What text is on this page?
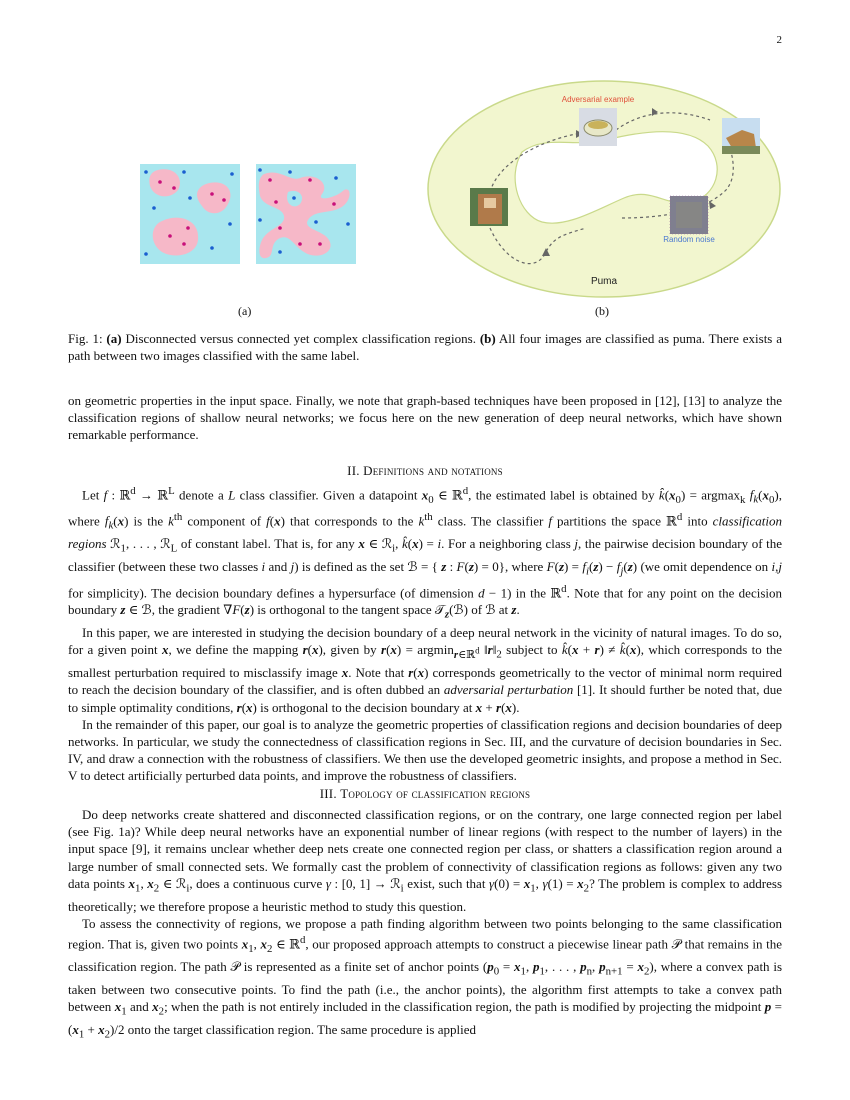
2
Adversarial example
Random noise
Puma
(a)	(b)
Fig. 1: (a) Disconnected versus connected yet complex classification regions. (b) All four images are classified as puma. There exists a path between two images classified with the same label.

on geometric properties in the input space. Finally, we note that graph-based techniques have been proposed in [12], [13] to analyze the classification regions of shallow neural networks; we focus here on the new generation of deep neural networks, which have shown remarkable performance.

II. Definitions and notations

Let f : ℝ$^d$ → ℝ$^L$ denote a L class classifier. Given a datapoint $x_0$ ∈ ℝ$^d$, the estimated label is obtained by $k̂(x_0) = argmax_k$ $f_k(x_0)$, where $f_k(x)$ is the $k^{th}$ component of f(x) that corresponds to the $k^{th}$ class. The classifier f partitions the space ℝ$^d$ into classification regions ℛ$_1$, . . . , ℛ$_L$ of constant label. That is, for any x ∈ ℛ$_i$, k̂(x) = i. For a neighboring class j, the pairwise decision boundary of the classifier (between these two classes i and j) is defined as the set ℬ = { z : F(z) = 0}, where $F(z) = f_i(z) - f_j(z)$ (we omit dependence on i,j for simplicity). The decision boundary defines a hypersurface (of dimension d − 1) in the ℝ$^d$. Note that for any point on the decision boundary z ∈ ℬ, the gradient ∇F(z) is orthogonal to the tangent space 𝒯$_z$(ℬ) of ℬ at z.

In this paper, we are interested in studying the decision boundary of a deep neural network in the vicinity of natural images. To do so, for a given point x, we define the mapping r(x), given by r(x) = argmin$_{r\in ℝ^d}$ $‖r‖_2$ subject to k̂(x + r) ≠ k̂(x), which corresponds to the smallest perturbation required to misclassify image x. Note that r(x) corresponds geometrically to the vector of minimal norm required to reach the decision boundary of the classifier, and is often dubbed an adversarial perturbation [1]. It should further be noted that, due to simple optimality conditions, r(x) is orthogonal to the decision boundary at x + r(x).

In the remainder of this paper, our goal is to analyze the geometric properties of classification regions and decision boundaries of deep networks. In particular, we study the connectedness of classification regions in Sec. III, and the curvature of decision boundaries in Sec. IV, and draw a connection with the robustness of classifiers. We then use the developed geometric insights, and propose a method in Sec. V to detect artificially perturbed data points, and improve the robustness of classifiers.

III. Topology of classification regions

Do deep networks create shattered and disconnected classification regions, or on the contrary, one large connected region per label (see Fig. 1a)? While deep neural networks have an exponential number of linear regions (with respect to the number of layers) in the input space [9], it remains unclear whether deep nets create one connected region per class, or shatters a classification region around a large number of small connected sets. We formally cast the problem of connectivity of classification regions as follows: given any two data points $x_1$, $x_2$ ∈ ℛ$_i$, does a continuous curve γ : [0, 1] → ℛ$_i$ exist, such that $\gamma(0) = x_1$, $\gamma(1) = x_2$? The problem is complex to address theoretically; we therefore propose a heuristic method to study this question.

To assess the connectivity of regions, we propose a path finding algorithm between two points belonging to the same classification region. That is, given two points $x_1$, $x_2$ ∈ ℝ$^d$, our proposed approach attempts to construct a piecewise linear path 𝒫 that remains in the classification region. The path 𝒫 is represented as a finite set of anchor points ($p_0 = x_1$, $p_1$, . . . , $p_n$, $p_{n+1} = x_2$), where a convex path is taken between two consecutive points. To find the path (i.e., the anchor points), the algorithm first attempts to take a convex path between $x_1$ and $x_2$; when the path is not entirely included in the classification region, the path is modified by projecting the midpoint $p = (x_1 + x_2)/2$ onto the target classification region. The same procedure is applied
